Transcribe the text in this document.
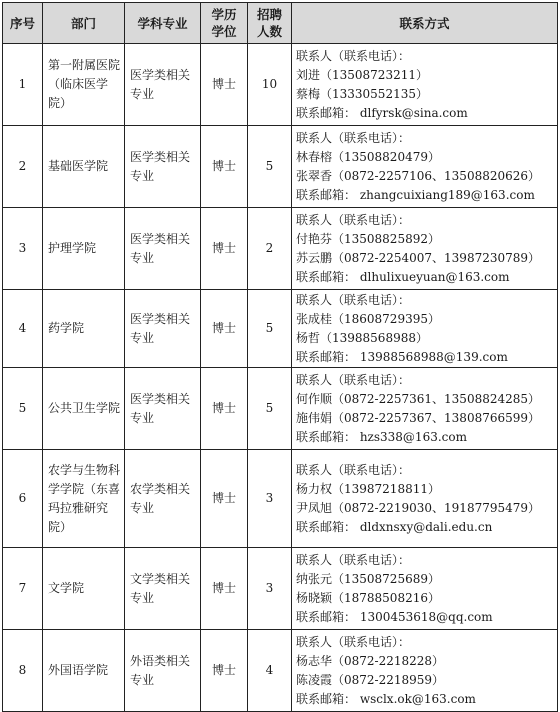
序号	部门	学科专业	学历学位	招聘人数	联系方式
1	第一附属医院（临床医学院）	医学类相关专业	博士	10	联系人（联系电话）：
刘进（13508723211）
蔡梅（13330552135）
联系邮箱： dlfyrsk@sina.com

2	基础医学院	医学类相关专业	博士	5	联系人（联系电话）：
林春榕（13508820479）
张翠香（0872-2257106、13508820626）
联系邮箱： zhangcuixiang189@163.com

3	护理学院	医学类相关专业	博士	2	联系人（联系电话）：
付艳芬（13508825892）
苏云鹏（0872-2254007、13987230789）
联系邮箱： dlhulixueyuan@163.com

4	药学院	医学类相关专业	博士	5	联系人（联系电话）：
张成桂（18608729395）
杨哲（13988568988）
联系邮箱： 13988568988@139.com

5	公共卫生学院	医学类相关专业	博士	5	联系人（联系电话）：
何作顺（0872-2257361、13508824285）
施伟娟（0872-2257367、13808766599）
联系邮箱： hzs338@163.com

6	农学与生物科学学院（东喜玛拉雅研究院）	农学类相关专业	博士	3	联系人（联系电话）：
杨力权（13987218811）
尹凤旭（0872-2219030、19187795479）
联系邮箱： dldxnsxy@dali.edu.cn

7	文学院	文学类相关专业	博士	3	联系人（联系电话）：
纳张元（13508725689）
杨晓颖（18788508216）
联系邮箱： 1300453618@qq.com

8	外国语学院	外语类相关专业	博士	4	联系人（联系电话）：
杨志华（0872-2218228）
陈凌霞（0872-2218959）
联系邮箱： wsclx.ok@163.com
